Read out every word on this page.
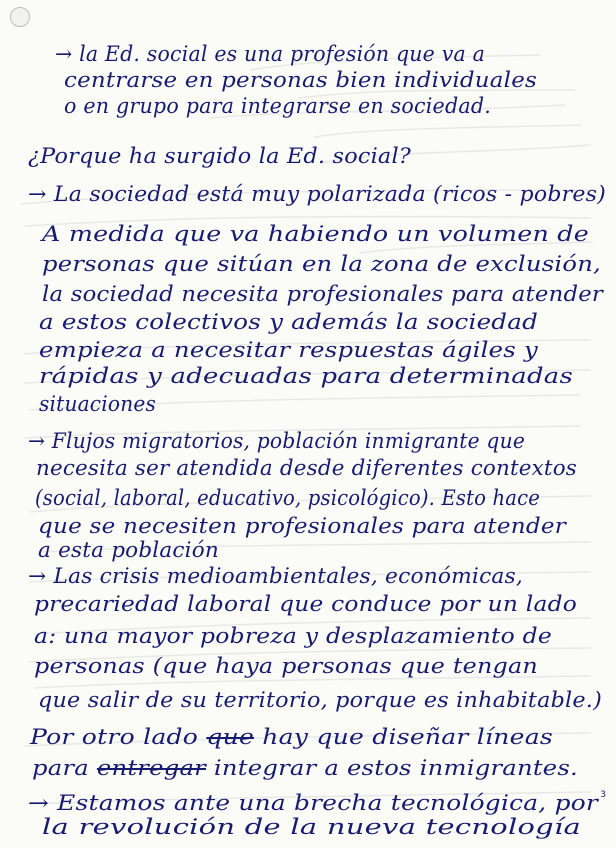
→ la Ed. social es una profesión que va a

centrarse en personas bien individuales

o en grupo para integrarse en sociedad.

¿Porque ha surgido la Ed. social?

→ La sociedad está muy polarizada (ricos - pobres)

A medida que va habiendo un volumen de

personas que sitúan en la zona de exclusión,

la sociedad necesita profesionales para atender

a estos colectivos y además la sociedad

empieza a necesitar respuestas ágiles y

rápidas y adecuadas para determinadas

situaciones

→ Flujos migratorios, población inmigrante que

necesita ser atendida desde diferentes contextos

(social, laboral, educativo, psicológico). Esto hace

que se necesiten profesionales para atender

a esta población

→ Las crisis medioambientales, económicas,

precariedad laboral que conduce por un lado

a: una mayor pobreza y desplazamiento de

personas (que haya personas que tengan

que salir de su territorio, porque es inhabitable.)

Por otro lado que hay que diseñar líneas

para entregar integrar a estos inmigrantes.

→ Estamos ante una brecha tecnológica, por

la revolución de la nueva tecnología

3
